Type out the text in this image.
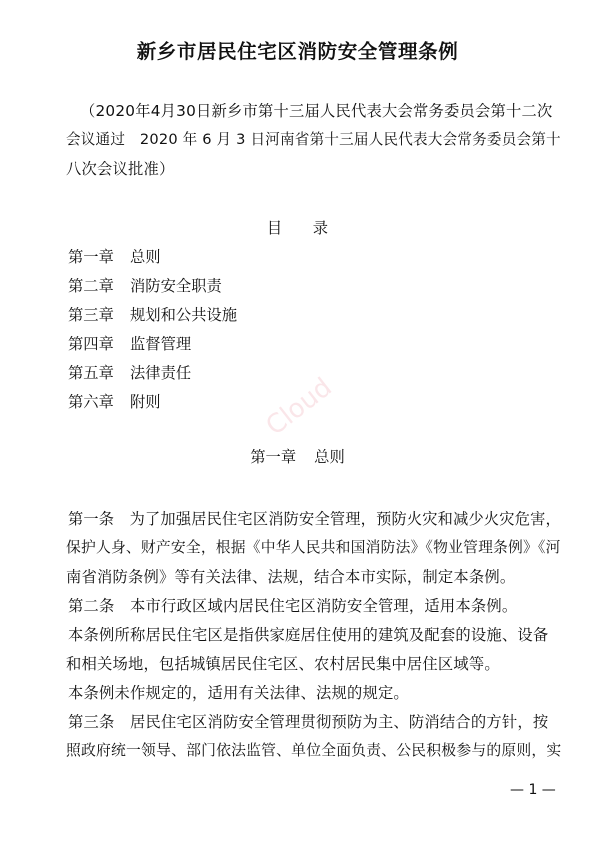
新乡市居民住宅区消防安全管理条例
（2020年4月30日新乡市第十三届人民代表大会常务委员会第十二次
会议通过　2020 年 6 月 3 日河南省第十三届人民代表大会常务委员会第十
八次会议批准）
目　　录
第一章 总则
第二章 消防安全职责
第三章 规划和公共设施
第四章 监督管理
第五章 法律责任
第六章 附则	Cloud
第一章 总则
第一条　为了加强居民住宅区消防安全管理，预防火灾和减少火灾危害，
保护人身、财产安全，根据《中华人民共和国消防法》《物业管理条例》《河
南省消防条例》等有关法律、法规，结合本市实际，制定本条例。
第二条　本市行政区域内居民住宅区消防安全管理，适用本条例。
本条例所称居民住宅区是指供家庭居住使用的建筑及配套的设施、设备
和相关场地，包括城镇居民住宅区、农村居民集中居住区域等。
本条例未作规定的，适用有关法律、法规的规定。
第三条　居民住宅区消防安全管理贯彻预防为主、防消结合的方针，按
照政府统一领导、部门依法监管、单位全面负责、公民积极参与的原则，实
— 1 —
